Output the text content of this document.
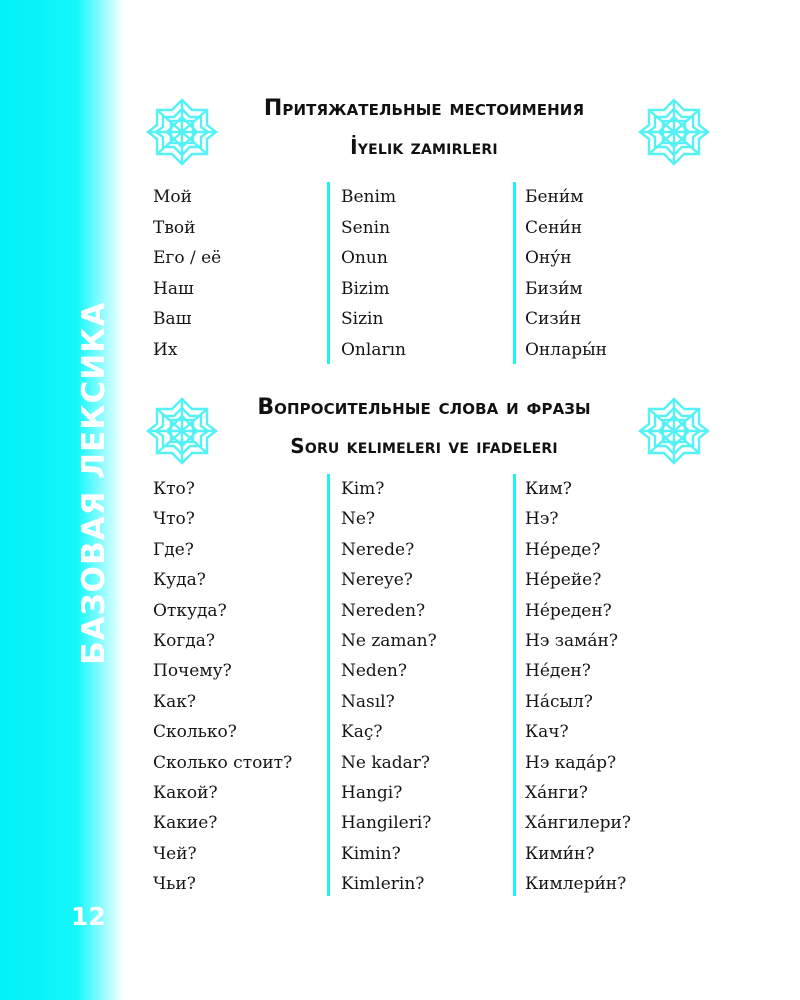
БАЗОВАЯ ЛЕКСИКА
12
Притяжательные местоимения
İyelik zamirleri
Мой	Benim	Бени́м
Твой	Senin	Сени́н
Его / её	Onun	Ону́н
Наш	Bizim	Бизи́м
Ваш	Sizin	Сизи́н
Их	Onların	Онлары́н
Вопросительные слова и фразы
Soru kelimeleri ve ifadeleri
Кто?	Kim?	Ким?
Что?	Ne?	Нэ?
Где?	Nerede?	Не́реде?
Куда?	Nereye?	Не́рейе?
Откуда?	Nereden?	Не́реден?
Когда?	Ne zaman?	Нэ зама́н?
Почему?	Neden?	Не́ден?
Как?	Nasıl?	На́сыл?
Сколько?	Kaç?	Кач?
Сколько стоит?	Ne kadar?	Нэ када́р?
Какой?	Hangi?	Ха́нги?
Какие?	Hangileri?	Ха́нгилери?
Чей?	Kimin?	Кими́н?
Чьи?	Kimlerin?	Кимлери́н?
